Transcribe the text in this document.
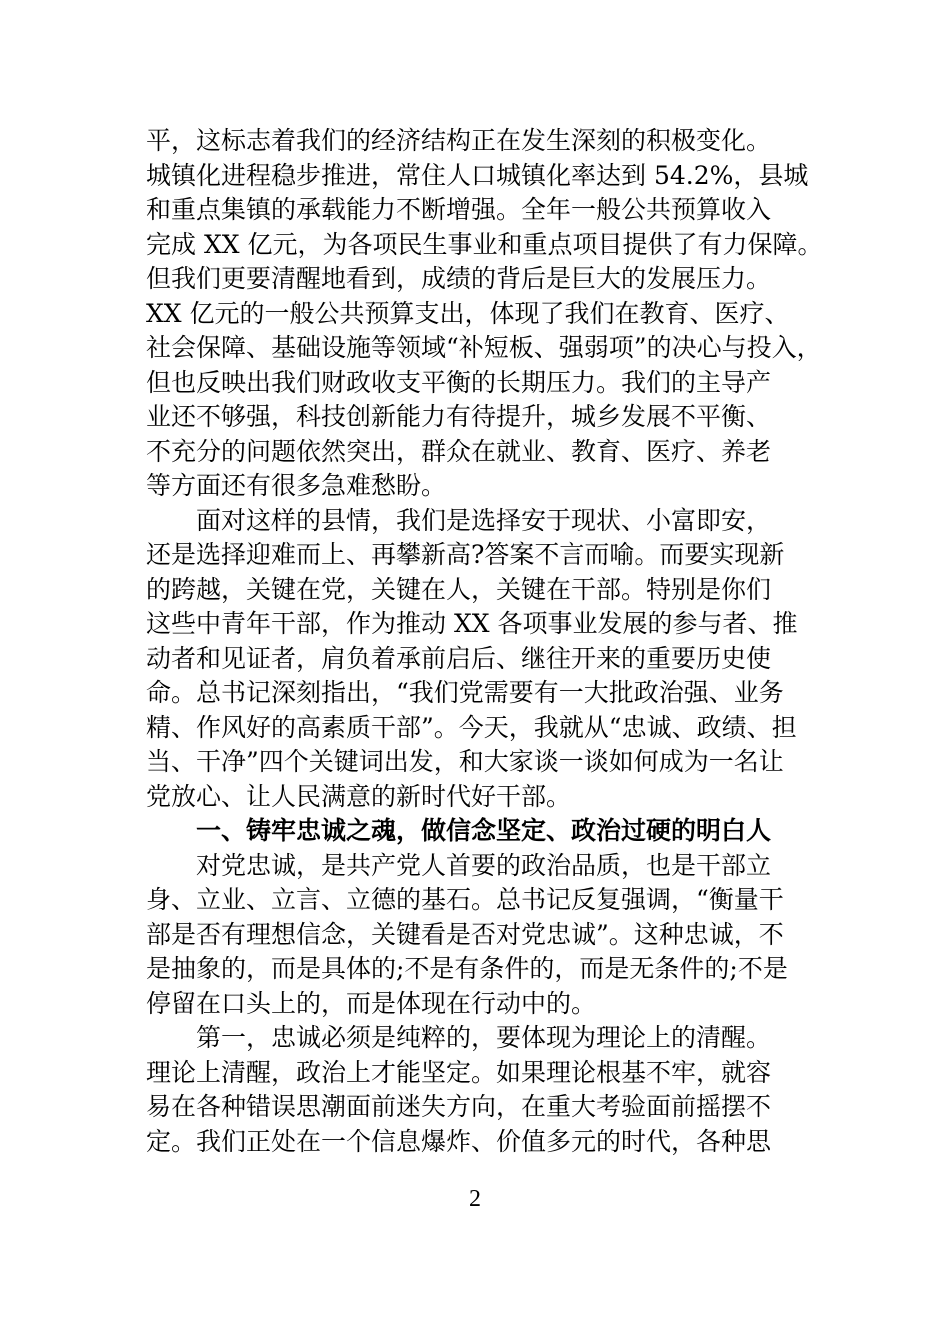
平，这标志着我们的经济结构正在发生深刻的积极变化。
城镇化进程稳步推进，常住人口城镇化率达到 54.2%，县城
和重点集镇的承载能力不断增强。全年一般公共预算收入
完成 XX 亿元，为各项民生事业和重点项目提供了有力保障。
但我们更要清醒地看到，成绩的背后是巨大的发展压力。
XX 亿元的一般公共预算支出，体现了我们在教育、医疗、
社会保障、基础设施等领域“补短板、强弱项”的决心与投入，
但也反映出我们财政收支平衡的长期压力。我们的主导产
业还不够强，科技创新能力有待提升，城乡发展不平衡、
不充分的问题依然突出，群众在就业、教育、医疗、养老
等方面还有很多急难愁盼。
面对这样的县情，我们是选择安于现状、小富即安，
还是选择迎难而上、再攀新高?答案不言而喻。而要实现新
的跨越，关键在党，关键在人，关键在干部。特别是你们
这些中青年干部，作为推动 XX 各项事业发展的参与者、推
动者和见证者，肩负着承前启后、继往开来的重要历史使
命。总书记深刻指出，“我们党需要有一大批政治强、业务
精、作风好的高素质干部”。今天，我就从“忠诚、政绩、担
当、干净”四个关键词出发，和大家谈一谈如何成为一名让
党放心、让人民满意的新时代好干部。
一、铸牢忠诚之魂，做信念坚定、政治过硬的明白人
对党忠诚，是共产党人首要的政治品质，也是干部立
身、立业、立言、立德的基石。总书记反复强调，“衡量干
部是否有理想信念，关键看是否对党忠诚”。这种忠诚，不
是抽象的，而是具体的;不是有条件的，而是无条件的;不是
停留在口头上的，而是体现在行动中的。
第一，忠诚必须是纯粹的，要体现为理论上的清醒。
理论上清醒，政治上才能坚定。如果理论根基不牢，就容
易在各种错误思潮面前迷失方向，在重大考验面前摇摆不
定。我们正处在一个信息爆炸、价值多元的时代，各种思
2
